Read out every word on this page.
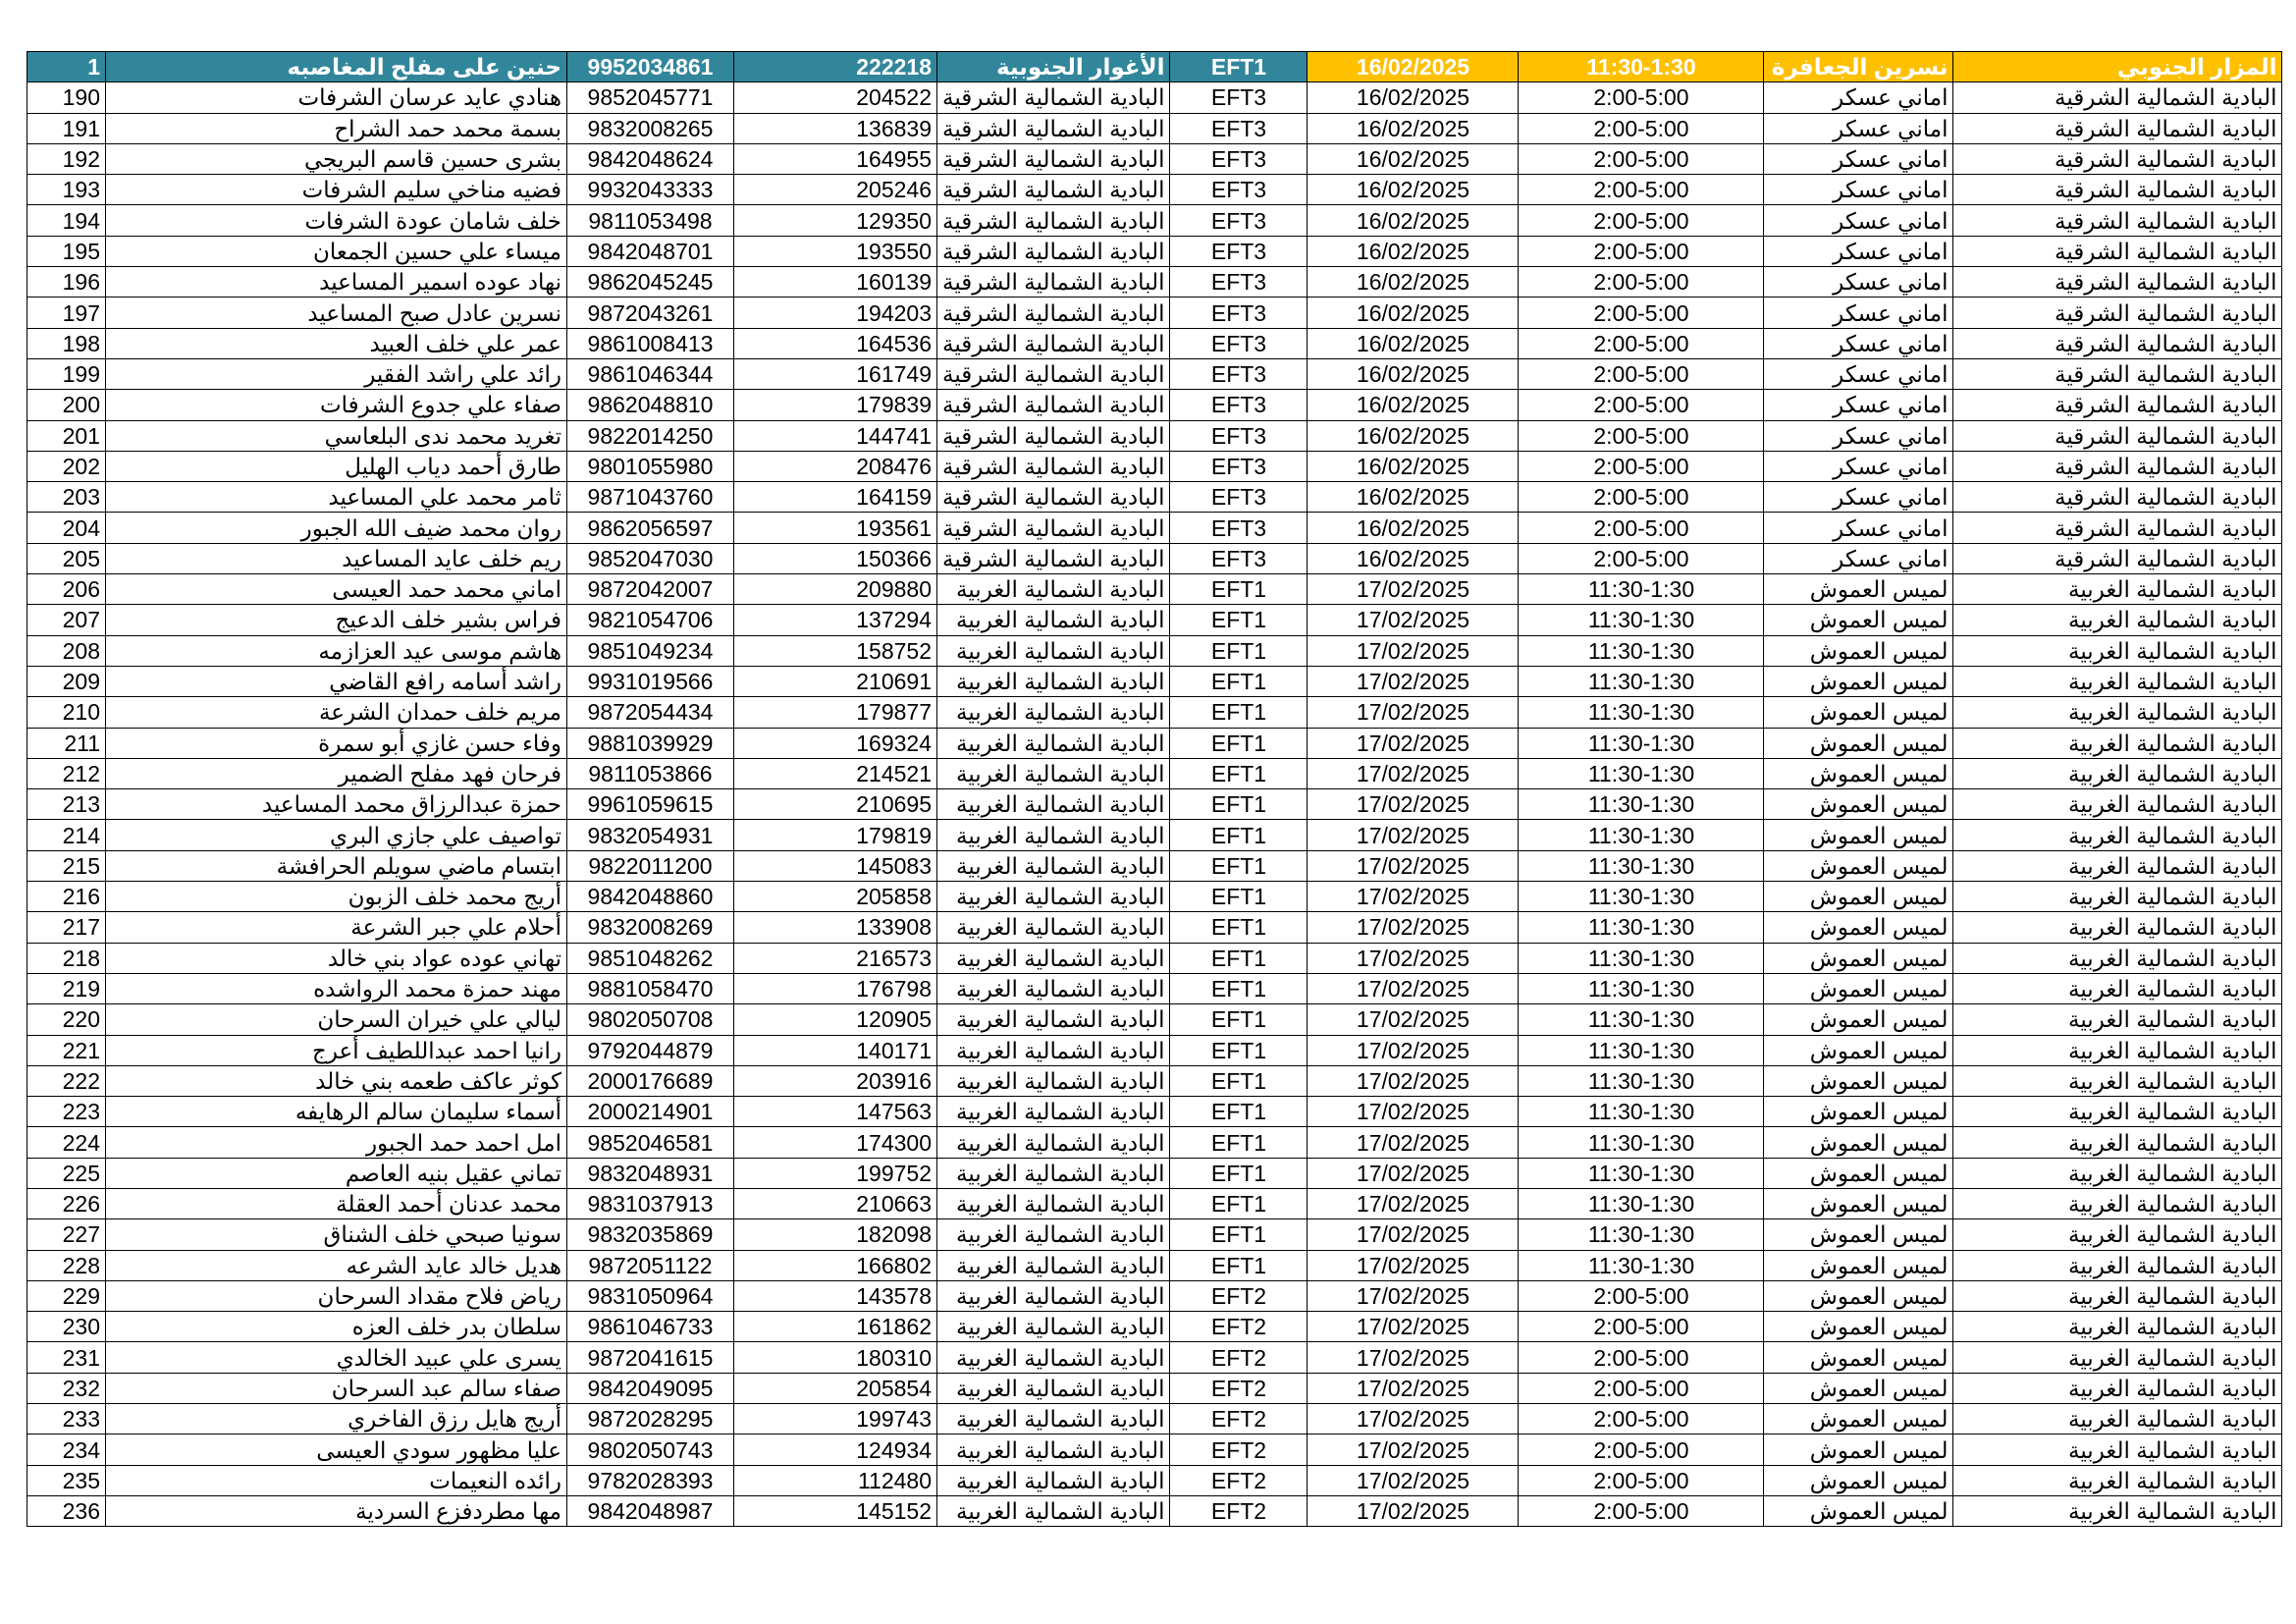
1	حنين على مفلح المغاصبه	9952034861	222218	الأغوار الجنوبية	EFT1	16/02/2025	11:30-1:30	نسرين الجعافرة	المزار الجنوبي
190	هنادي عايد عرسان الشرفات	9852045771	204522	البادية الشمالية الشرقية	EFT3	16/02/2025	2:00-5:00	اماني عسكر	البادية الشمالية الشرقية
191	بسمة محمد حمد الشراح	9832008265	136839	البادية الشمالية الشرقية	EFT3	16/02/2025	2:00-5:00	اماني عسكر	البادية الشمالية الشرقية
192	بشرى حسين قاسم البريجي	9842048624	164955	البادية الشمالية الشرقية	EFT3	16/02/2025	2:00-5:00	اماني عسكر	البادية الشمالية الشرقية
193	فضيه مناخي سليم الشرفات	9932043333	205246	البادية الشمالية الشرقية	EFT3	16/02/2025	2:00-5:00	اماني عسكر	البادية الشمالية الشرقية
194	خلف شامان عودة الشرفات	9811053498	129350	البادية الشمالية الشرقية	EFT3	16/02/2025	2:00-5:00	اماني عسكر	البادية الشمالية الشرقية
195	ميساء علي حسين الجمعان	9842048701	193550	البادية الشمالية الشرقية	EFT3	16/02/2025	2:00-5:00	اماني عسكر	البادية الشمالية الشرقية
196	نهاد عوده اسمير المساعيد	9862045245	160139	البادية الشمالية الشرقية	EFT3	16/02/2025	2:00-5:00	اماني عسكر	البادية الشمالية الشرقية
197	نسرين عادل صبح المساعيد	9872043261	194203	البادية الشمالية الشرقية	EFT3	16/02/2025	2:00-5:00	اماني عسكر	البادية الشمالية الشرقية
198	عمر علي خلف العبيد	9861008413	164536	البادية الشمالية الشرقية	EFT3	16/02/2025	2:00-5:00	اماني عسكر	البادية الشمالية الشرقية
199	رائد علي راشد الفقير	9861046344	161749	البادية الشمالية الشرقية	EFT3	16/02/2025	2:00-5:00	اماني عسكر	البادية الشمالية الشرقية
200	صفاء علي جدوع الشرفات	9862048810	179839	البادية الشمالية الشرقية	EFT3	16/02/2025	2:00-5:00	اماني عسكر	البادية الشمالية الشرقية
201	تغريد محمد ندى البلعاسي	9822014250	144741	البادية الشمالية الشرقية	EFT3	16/02/2025	2:00-5:00	اماني عسكر	البادية الشمالية الشرقية
202	طارق أحمد دياب الهليل	9801055980	208476	البادية الشمالية الشرقية	EFT3	16/02/2025	2:00-5:00	اماني عسكر	البادية الشمالية الشرقية
203	ثامر محمد علي المساعيد	9871043760	164159	البادية الشمالية الشرقية	EFT3	16/02/2025	2:00-5:00	اماني عسكر	البادية الشمالية الشرقية
204	روان محمد ضيف الله الجبور	9862056597	193561	البادية الشمالية الشرقية	EFT3	16/02/2025	2:00-5:00	اماني عسكر	البادية الشمالية الشرقية
205	ريم خلف عايد المساعيد	9852047030	150366	البادية الشمالية الشرقية	EFT3	16/02/2025	2:00-5:00	اماني عسكر	البادية الشمالية الشرقية
206	اماني محمد حمد العيسى	9872042007	209880	البادية الشمالية الغربية	EFT1	17/02/2025	11:30-1:30	لميس العموش	البادية الشمالية الغربية
207	فراس بشير خلف الدعيج	9821054706	137294	البادية الشمالية الغربية	EFT1	17/02/2025	11:30-1:30	لميس العموش	البادية الشمالية الغربية
208	هاشم موسى عيد العزازمه	9851049234	158752	البادية الشمالية الغربية	EFT1	17/02/2025	11:30-1:30	لميس العموش	البادية الشمالية الغربية
209	راشد أسامه رافع القاضي	9931019566	210691	البادية الشمالية الغربية	EFT1	17/02/2025	11:30-1:30	لميس العموش	البادية الشمالية الغربية
210	مريم خلف حمدان الشرعة	9872054434	179877	البادية الشمالية الغربية	EFT1	17/02/2025	11:30-1:30	لميس العموش	البادية الشمالية الغربية
211	وفاء حسن غازي أبو سمرة	9881039929	169324	البادية الشمالية الغربية	EFT1	17/02/2025	11:30-1:30	لميس العموش	البادية الشمالية الغربية
212	فرحان فهد مفلح الضمير	9811053866	214521	البادية الشمالية الغربية	EFT1	17/02/2025	11:30-1:30	لميس العموش	البادية الشمالية الغربية
213	حمزة عبدالرزاق محمد المساعيد	9961059615	210695	البادية الشمالية الغربية	EFT1	17/02/2025	11:30-1:30	لميس العموش	البادية الشمالية الغربية
214	تواصيف علي جازي البري	9832054931	179819	البادية الشمالية الغربية	EFT1	17/02/2025	11:30-1:30	لميس العموش	البادية الشمالية الغربية
215	ابتسام ماضي سويلم الحرافشة	9822011200	145083	البادية الشمالية الغربية	EFT1	17/02/2025	11:30-1:30	لميس العموش	البادية الشمالية الغربية
216	أريج محمد خلف الزبون	9842048860	205858	البادية الشمالية الغربية	EFT1	17/02/2025	11:30-1:30	لميس العموش	البادية الشمالية الغربية
217	أحلام علي جبر الشرعة	9832008269	133908	البادية الشمالية الغربية	EFT1	17/02/2025	11:30-1:30	لميس العموش	البادية الشمالية الغربية
218	تهاني عوده عواد بني خالد	9851048262	216573	البادية الشمالية الغربية	EFT1	17/02/2025	11:30-1:30	لميس العموش	البادية الشمالية الغربية
219	مهند حمزة محمد الرواشده	9881058470	176798	البادية الشمالية الغربية	EFT1	17/02/2025	11:30-1:30	لميس العموش	البادية الشمالية الغربية
220	ليالي علي خيران السرحان	9802050708	120905	البادية الشمالية الغربية	EFT1	17/02/2025	11:30-1:30	لميس العموش	البادية الشمالية الغربية
221	رانيا احمد عبداللطيف أعرج	9792044879	140171	البادية الشمالية الغربية	EFT1	17/02/2025	11:30-1:30	لميس العموش	البادية الشمالية الغربية
222	كوثر عاكف طعمه بني خالد	2000176689	203916	البادية الشمالية الغربية	EFT1	17/02/2025	11:30-1:30	لميس العموش	البادية الشمالية الغربية
223	أسماء سليمان سالم الرهايفه	2000214901	147563	البادية الشمالية الغربية	EFT1	17/02/2025	11:30-1:30	لميس العموش	البادية الشمالية الغربية
224	امل احمد حمد الجبور	9852046581	174300	البادية الشمالية الغربية	EFT1	17/02/2025	11:30-1:30	لميس العموش	البادية الشمالية الغربية
225	تماني عقيل بنيه العاصم	9832048931	199752	البادية الشمالية الغربية	EFT1	17/02/2025	11:30-1:30	لميس العموش	البادية الشمالية الغربية
226	محمد عدنان أحمد العقلة	9831037913	210663	البادية الشمالية الغربية	EFT1	17/02/2025	11:30-1:30	لميس العموش	البادية الشمالية الغربية
227	سونيا صبحي خلف الشناق	9832035869	182098	البادية الشمالية الغربية	EFT1	17/02/2025	11:30-1:30	لميس العموش	البادية الشمالية الغربية
228	هديل خالد عايد الشرعه	9872051122	166802	البادية الشمالية الغربية	EFT1	17/02/2025	11:30-1:30	لميس العموش	البادية الشمالية الغربية
229	رياض فلاح مقداد السرحان	9831050964	143578	البادية الشمالية الغربية	EFT2	17/02/2025	2:00-5:00	لميس العموش	البادية الشمالية الغربية
230	سلطان بدر خلف العزه	9861046733	161862	البادية الشمالية الغربية	EFT2	17/02/2025	2:00-5:00	لميس العموش	البادية الشمالية الغربية
231	يسرى علي عبيد الخالدي	9872041615	180310	البادية الشمالية الغربية	EFT2	17/02/2025	2:00-5:00	لميس العموش	البادية الشمالية الغربية
232	صفاء سالم عبد السرحان	9842049095	205854	البادية الشمالية الغربية	EFT2	17/02/2025	2:00-5:00	لميس العموش	البادية الشمالية الغربية
233	أريج هايل رزق الفاخري	9872028295	199743	البادية الشمالية الغربية	EFT2	17/02/2025	2:00-5:00	لميس العموش	البادية الشمالية الغربية
234	عليا مظهور سودي العيسى	9802050743	124934	البادية الشمالية الغربية	EFT2	17/02/2025	2:00-5:00	لميس العموش	البادية الشمالية الغربية
235	رائده النعيمات	9782028393	112480	البادية الشمالية الغربية	EFT2	17/02/2025	2:00-5:00	لميس العموش	البادية الشمالية الغربية
236	مها مطردفزع السردية	9842048987	145152	البادية الشمالية الغربية	EFT2	17/02/2025	2:00-5:00	لميس العموش	البادية الشمالية الغربية
